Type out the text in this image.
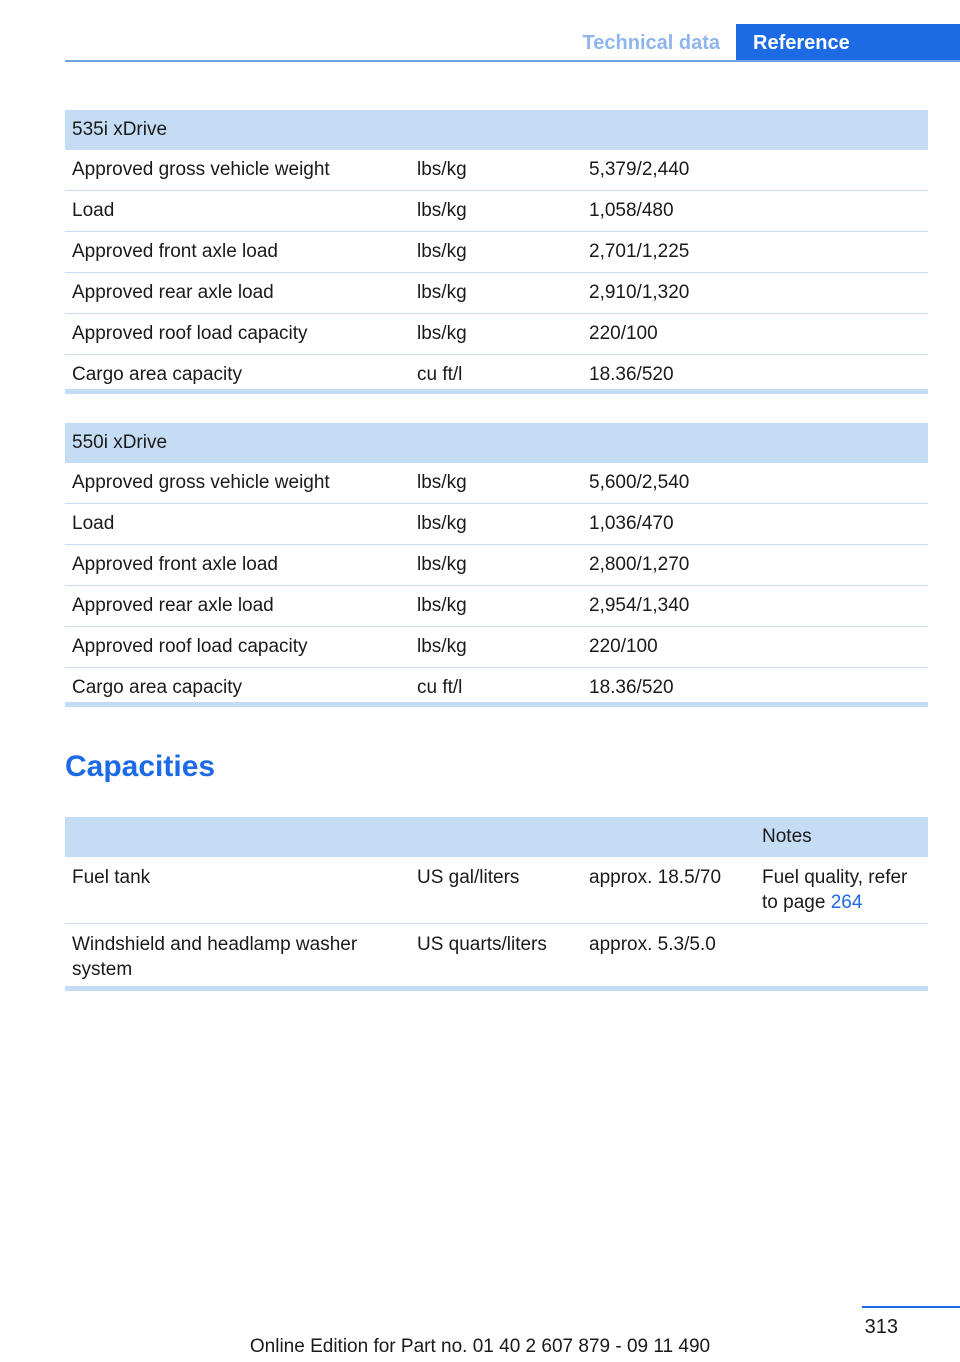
Technical data	Reference
535i xDrive			
Approved gross vehicle weight	lbs/kg	5,379/2,440	
Load	lbs/kg	1,058/480	
Approved front axle load	lbs/kg	2,701/1,225	
Approved rear axle load	lbs/kg	2,910/1,320	
Approved roof load capacity	lbs/kg	220/100	
Cargo area capacity	cu ft/l	18.36/520	
550i xDrive			
Approved gross vehicle weight	lbs/kg	5,600/2,540	
Load	lbs/kg	1,036/470	
Approved front axle load	lbs/kg	2,800/1,270	
Approved rear axle load	lbs/kg	2,954/1,340	
Approved roof load capacity	lbs/kg	220/100	
Cargo area capacity	cu ft/l	18.36/520	
Capacities
			Notes
Fuel tank	US gal/liters	approx. 18.5/70	Fuel quality, refer to page 264
Windshield and headlamp washer system	US quarts/liters	approx. 5.3/5.0	
313
Online Edition for Part no. 01 40 2 607 879 - 09 11 490
